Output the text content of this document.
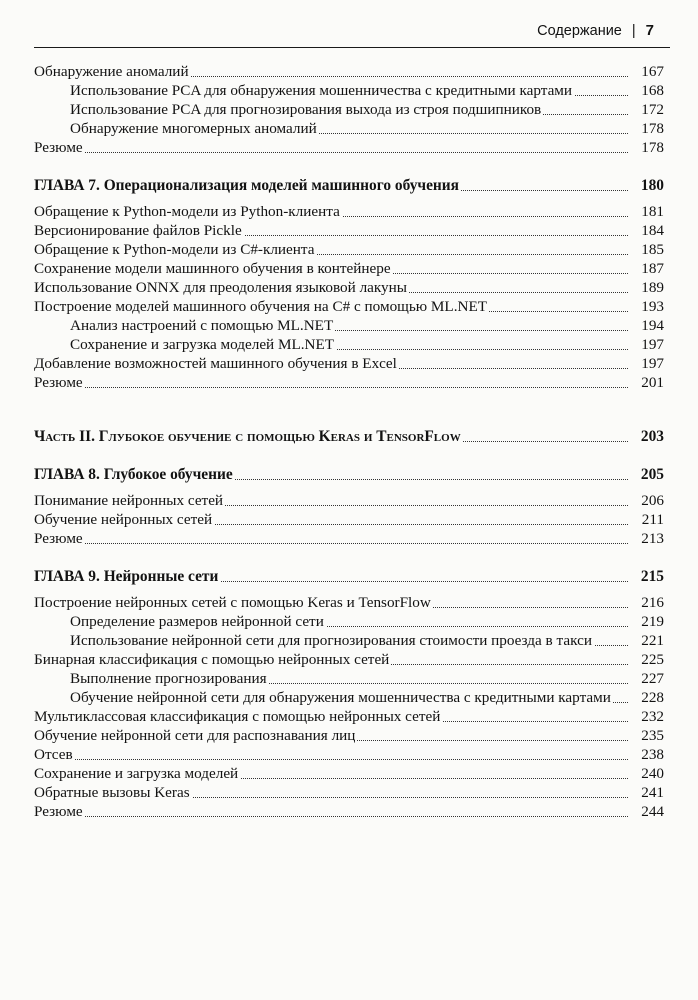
Содержание | 7
Обнаружение аномалий	167
Использование PCA для обнаружения мошенничества с кредитными картами	168
Использование PCA для прогнозирования выхода из строя подшипников	172
Обнаружение многомерных аномалий	178
Резюме	178
ГЛАВА 7. Операционализация моделей машинного обучения	180
Обращение к Python-модели из Python-клиента	181
Версионирование файлов Pickle	184
Обращение к Python-модели из C#-клиента	185
Сохранение модели машинного обучения в контейнере	187
Использование ONNX для преодоления языковой лакуны	189
Построение моделей машинного обучения на C# с помощью ML.NET	193
Анализ настроений с помощью ML.NET	194
Сохранение и загрузка моделей ML.NET	197
Добавление возможностей машинного обучения в Excel	197
Резюме	201
Часть II. Глубокое обучение с помощью Keras и TensorFlow	203
ГЛАВА 8. Глубокое обучение	205
Понимание нейронных сетей	206
Обучение нейронных сетей	211
Резюме	213
ГЛАВА 9. Нейронные сети	215
Построение нейронных сетей с помощью Keras и TensorFlow	216
Определение размеров нейронной сети	219
Использование нейронной сети для прогнозирования стоимости проезда в такси	221
Бинарная классификация с помощью нейронных сетей	225
Выполнение прогнозирования	227
Обучение нейронной сети для обнаружения мошенничества с кредитными картами 228
Мультиклассовая классификация с помощью нейронных сетей	232
Обучение нейронной сети для распознавания лиц	235
Отсев	238
Сохранение и загрузка моделей	240
Обратные вызовы Keras	241
Резюме	244
